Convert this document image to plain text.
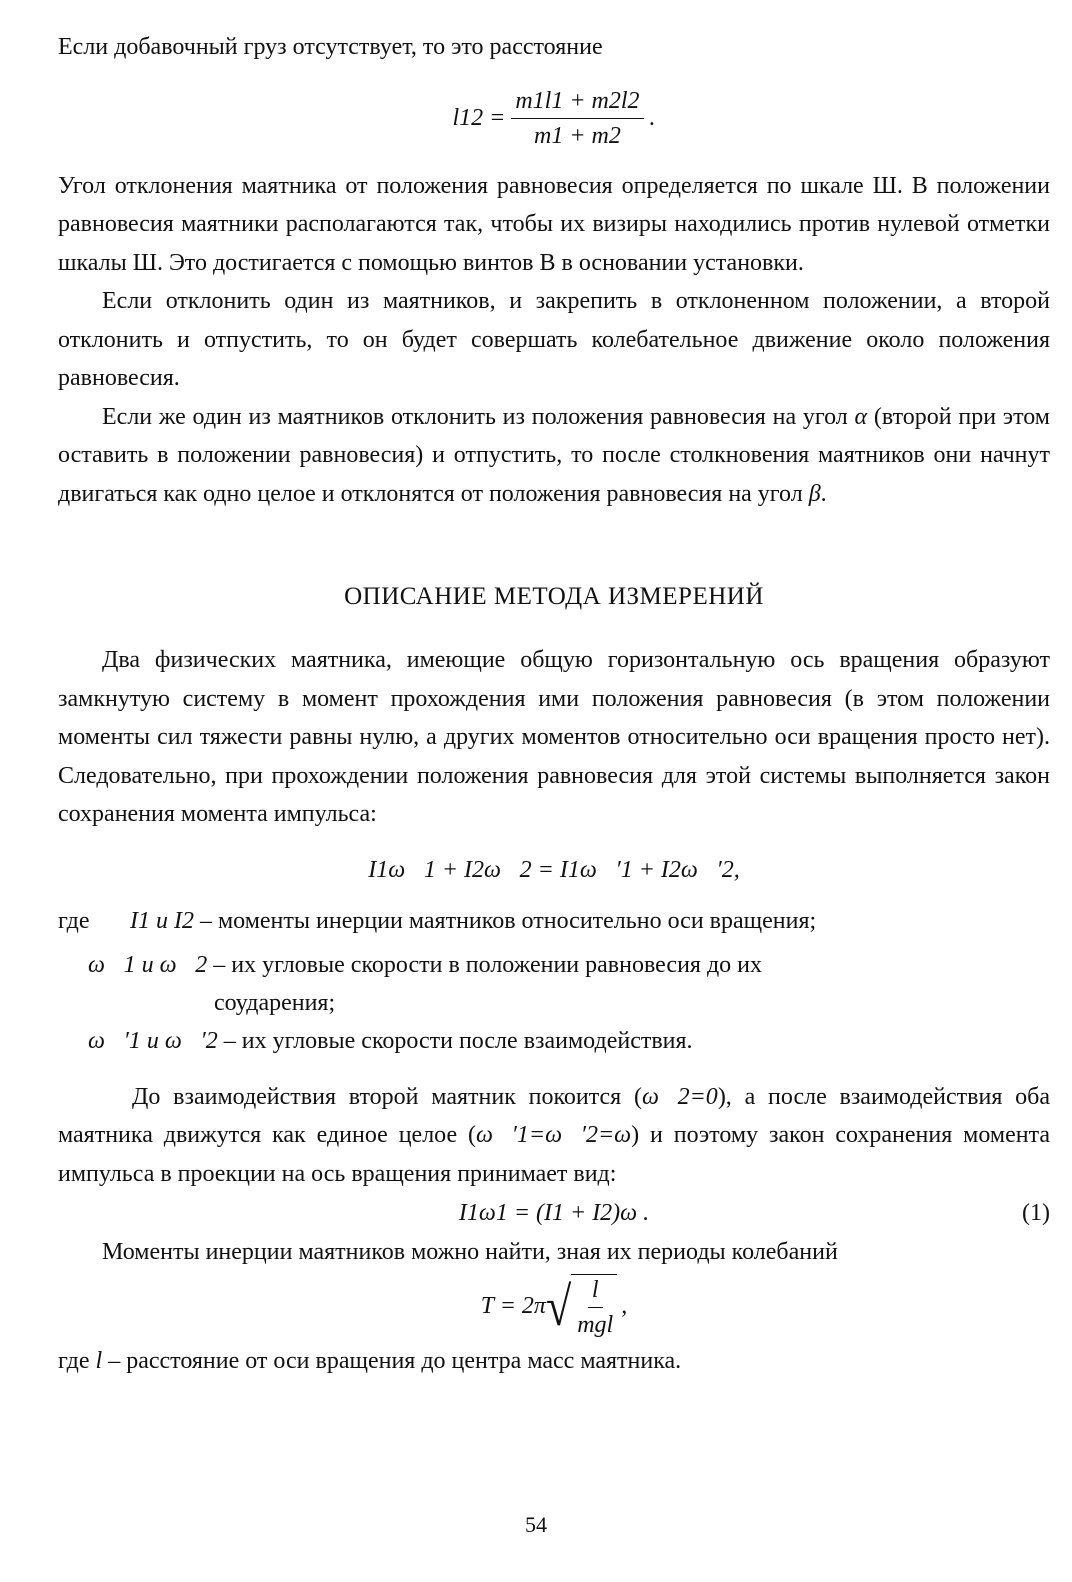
Если добавочный груз отсутствует, то это расстояние

$l12 = \frac{m1l1 + m2l2}{m1 + m2}$ .

Угол отклонения маятника от положения равновесия определяется по шкале Ш. В положении равновесия маятники располагаются так, чтобы их визиры находились против нулевой отметки шкалы Ш. Это достигается с помощью винтов В в основании установки.

Если отклонить один из маятников, и закрепить в отклоненном положении, а второй отклонить и отпустить, то он будет совершать колебательное движение около положения равновесия.

Если же один из маятников отклонить из положения равновесия на угол α (второй при этом оставить в положении равновесия) и отпустить, то после столкновения маятников они начнут двигаться как одно целое и отклонятся от положения равновесия на угол β.

ОПИСАНИЕ МЕТОДА ИЗМЕРЕНИЙ

Два физических маятника, имеющие общую горизонтальную ось вращения образуют замкнутую систему в момент прохождения ими положения равновесия (в этом положении моменты сил тяжести равны нулю, а других моментов относительно оси вращения просто нет). Следовательно, при прохождении положения равновесия для этой системы выполняется закон сохранения момента импульса:

I1ω⃗1 + I2ω⃗2 = I1ω⃗′1 + I2ω⃗′2,
где	I1 и I2 – моменты инерции маятников относительно оси вращения;
ω⃗1 и ω⃗2 – их угловые скорости в положении равновесия до их
соударения;
ω⃗′1 и ω⃗′2 – их угловые скорости после взаимодействия.

До взаимодействия второй маятник покоится (ω⃗2=0), а после взаимодействия оба маятника движутся как единое целое (ω⃗′1=ω⃗′2=ω) и поэтому закон сохранения момента импульса в проекции на ось вращения принимает вид:

I1ω1 = (I1 + I2)ω .	(1)

Моменты инерции маятников можно найти, зная их периоды колебаний

T = 2π √ $\frac{l}{\text{mgl}}$ ,

где l – расстояние от оси вращения до центра масс маятника.

54
